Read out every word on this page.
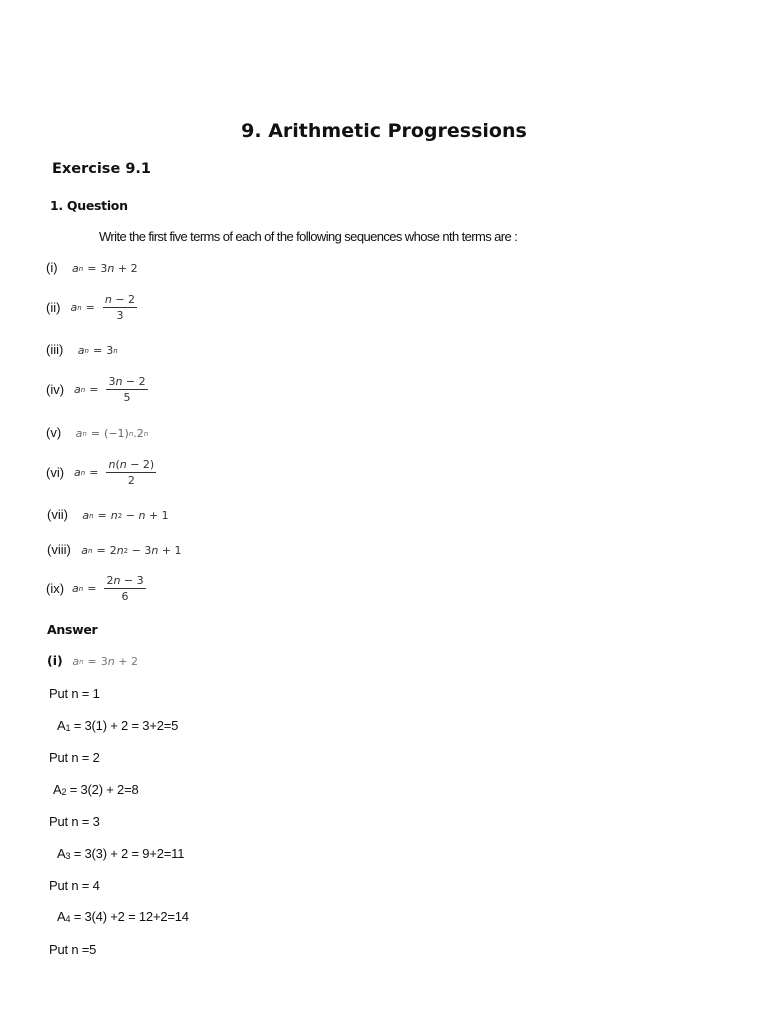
9. Arithmetic Progressions
Exercise 9.1
1. Question
Write the first five terms of each of the following sequences whose nth terms are :
(i) a n = 3 n + 2
(ii) a $n = \frac{n - 2}{3}$
(iii) a n = 3 n
(iv) a $n = \frac{3n - 2}{5}$
(v) a n = (−1) n .2 n
(vi) a $n = \frac{n(n - 2)}{2}$
(vii) a n = n 2 − n + 1
(viii) a n = 2 n 2 − 3 n + 1
(ix) a $n = \frac{2n - 3}{6}$
Answer
(i) a n = 3 n + 2
Put n = 1
$A_1 = 3(1) + 2 = 3+2=5$
Put n = 2
$A_2 = 3(2) + 2=8$
Put n = 3
$A_3 = 3(3) + 2 = 9+2=11$
Put n = 4
$A_4 = 3(4) +2 = 12+2=14$
Put n =5
